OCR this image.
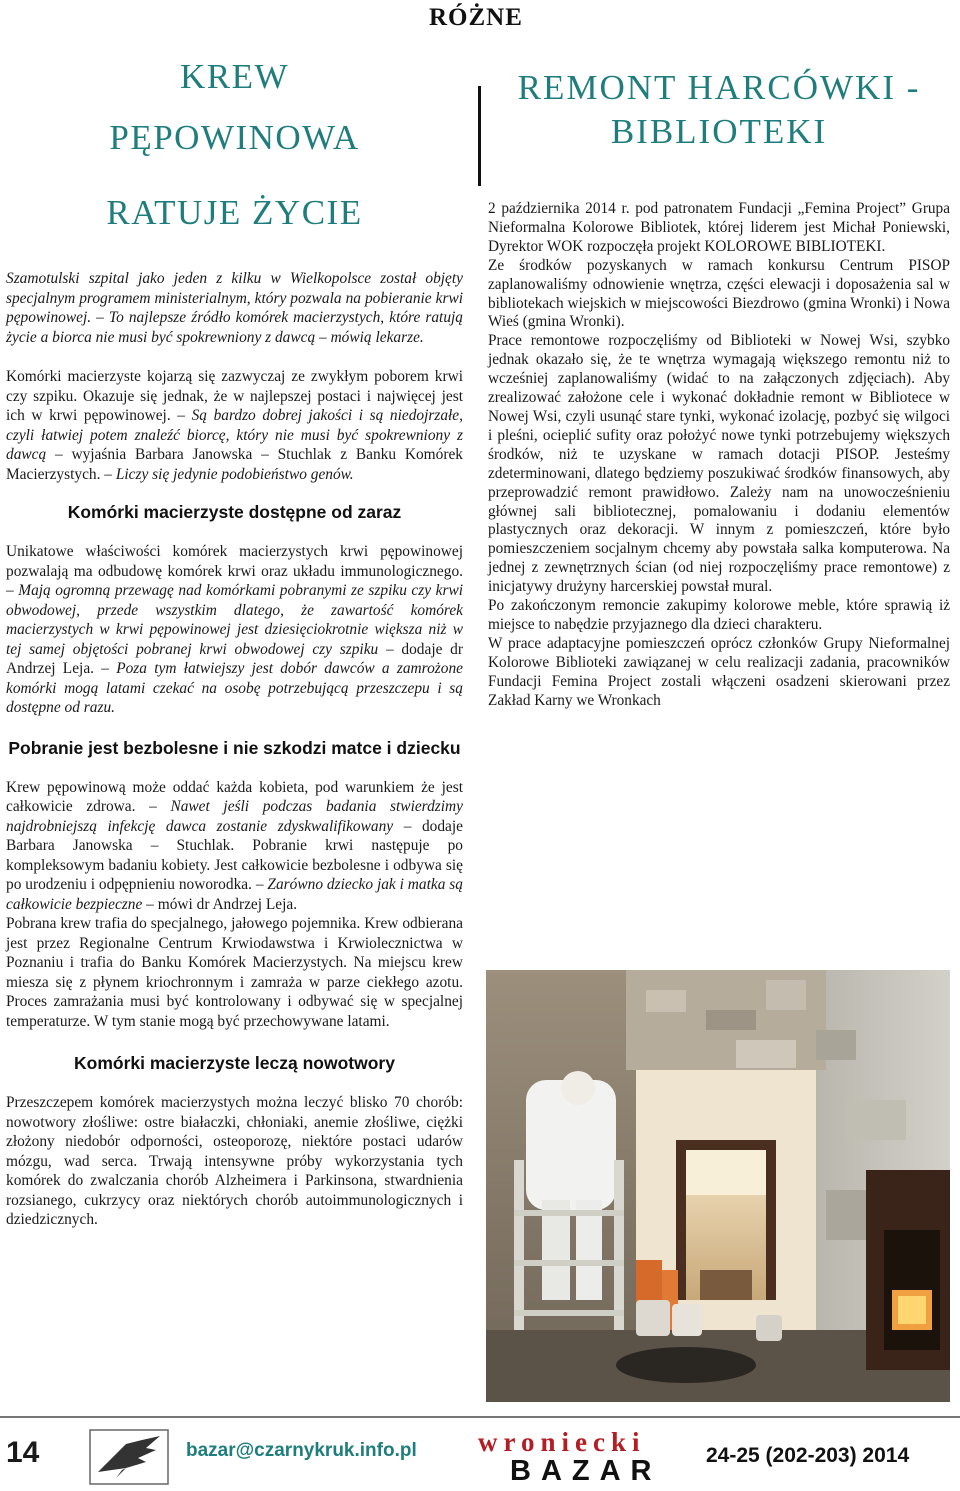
RÓŻNE
KREW
PĘPOWINOWA
RATUJE ŻYCIE

Szamotulski szpital jako jeden z kilku w Wielkopolsce został objęty specjalnym programem ministerialnym, który pozwala na pobieranie krwi pępowinowej. – To najlepsze źródło komórek macierzystych, które ratują życie a biorca nie musi być spokrewniony z dawcą – mówią lekarze.

Komórki macierzyste kojarzą się zazwyczaj ze zwykłym poborem krwi czy szpiku. Okazuje się jednak, że w najlepszej postaci i najwięcej jest ich w krwi pępowinowej. – Są bardzo dobrej jakości i są niedojrzałe, czyli łatwiej potem znaleźć biorcę, który nie musi być spokrewniony z dawcą – wyjaśnia Barbara Janowska – Stuchlak z Banku Komórek Macierzystych. – Liczy się jedynie podobieństwo genów.

Komórki macierzyste dostępne od zaraz

Unikatowe właściwości komórek macierzystych krwi pępowinowej pozwalają ma odbudowę komórek krwi oraz układu immunologicznego. – Mają ogromną przewagę nad komórkami pobranymi ze szpiku czy krwi obwodowej, przede wszystkim dlatego, że zawartość komórek macierzystych w krwi pępowinowej jest dziesięciokrotnie większa niż w tej samej objętości pobranej krwi obwodowej czy szpiku – dodaje dr Andrzej Leja. – Poza tym łatwiejszy jest dobór dawców a zamrożone komórki mogą latami czekać na osobę potrzebującą przeszczepu i są dostępne od razu.

Pobranie jest bezbolesne i nie szkodzi matce i dziecku

Krew pępowinową może oddać każda kobieta, pod warunkiem że jest całkowicie zdrowa. – Nawet jeśli podczas badania stwierdzimy najdrobniejszą infekcję dawca zostanie zdyskwalifikowany – dodaje Barbara Janowska – Stuchlak. Pobranie krwi następuje po kompleksowym badaniu kobiety. Jest całkowicie bezbolesne i odbywa się po urodzeniu i odpępnieniu noworodka. – Zarówno dziecko jak i matka są całkowicie bezpieczne – mówi dr Andrzej Leja.

Pobrana krew trafia do specjalnego, jałowego pojemnika. Krew odbierana jest przez Regionalne Centrum Krwiodawstwa i Krwiolecznictwa w Poznaniu i trafia do Banku Komórek Macierzystych. Na miejscu krew miesza się z płynem kriochronnym i zamraża w parze ciekłego azotu. Proces zamrażania musi być kontrolowany i odbywać się w specjalnej temperaturze. W tym stanie mogą być przechowywane latami.

Komórki macierzyste leczą nowotwory

Przeszczepem komórek macierzystych można leczyć blisko 70 chorób: nowotwory złośliwe: ostre białaczki, chłoniaki, anemie złośliwe, ciężki złożony niedobór odporności, osteoporozę, niektóre postaci udarów mózgu, wad serca. Trwają intensywne próby wykorzystania tych komórek do zwalczania chorób Alzheimera i Parkinsona, stwardnienia rozsianego, cukrzycy oraz niektórych chorób autoimmunologicznych i dziedzicznych.

REMONT HARCÓWKI -
BIBLIOTEKI

2 października 2014 r. pod patronatem Fundacji „Femina Project” Grupa Nieformalna Kolorowe Bibliotek, której liderem jest Michał Poniewski, Dyrektor WOK rozpoczęła projekt KOLOROWE BIBLIOTEKI.

Ze środków pozyskanych w ramach konkursu Centrum PISOP zaplanowaliśmy odnowienie wnętrza, części elewacji i doposażenia sal w bibliotekach wiejskich w miejscowości Biezdrowo (gmina Wronki) i Nowa Wieś (gmina Wronki).

Prace remontowe rozpoczęliśmy od Biblioteki w Nowej Wsi, szybko jednak okazało się, że te wnętrza wymagają większego remontu niż to wcześniej zaplanowaliśmy (widać to na załączonych zdjęciach). Aby zrealizować założone cele i wykonać dokładnie remont w Bibliotece w Nowej Wsi, czyli usunąć stare tynki, wykonać izolację, pozbyć się wilgoci i pleśni, ocieplić sufity oraz położyć nowe tynki potrzebujemy większych środków, niż te uzyskane w ramach dotacji PISOP. Jesteśmy zdeterminowani, dlatego będziemy poszukiwać środków finansowych, aby przeprowadzić remont prawidłowo. Zależy nam na unowocześnieniu głównej sali bibliotecznej, pomalowaniu i dodaniu elementów plastycznych oraz dekoracji. W innym z pomieszczeń, które było pomieszczeniem socjalnym chcemy aby powstała salka komputerowa. Na jednej z zewnętrznych ścian (od niej rozpoczęliśmy prace remontowe) z inicjatywy drużyny harcerskiej powstał mural.

Po zakończonym remoncie zakupimy kolorowe meble, które sprawią iż miejsce to nabędzie przyjaznego dla dzieci charakteru.

W prace adaptacyjne pomieszczeń oprócz członków Grupy Nieformalnej Kolorowe Biblioteki zawiązanej w celu realizacji zadania, pracowników Fundacji Femina Project zostali włączeni osadzeni skierowani przez Zakład Karny we Wronkach

14	bazar@czarnykruk.info.pl wroniecki
BAZAR 24-25 (202-203) 2014
